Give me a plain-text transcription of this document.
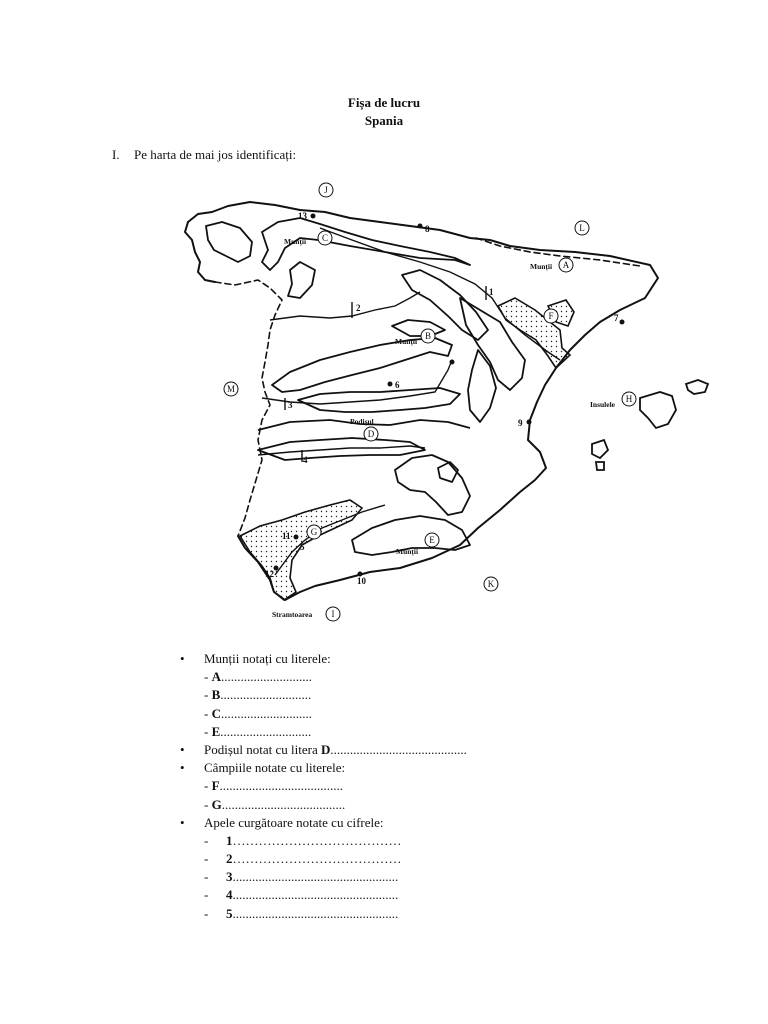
Fișa de lucru
Spania
I. Pe harta de mai jos identificați:
J
C
L
A
F
B
M
H
D
G
E
K
I
1
2
3
4
5
6
7
8
9
10
11
12
13
Munții
Munții
Munții
Podișul
Insulele
Munții
Stramtoarea
• Munții notați cu literele:
- A............................
- B............................
- C............................
- E............................
• Podișul notat cu litera D..........................................
• Câmpiile notate cu literele:
- F......................................
- G......................................
• Apele curgătoare notate cu cifrele:
- 1…………………………………
- 2…………………………………
- 3...................................................
- 4...................................................
- 5...................................................
